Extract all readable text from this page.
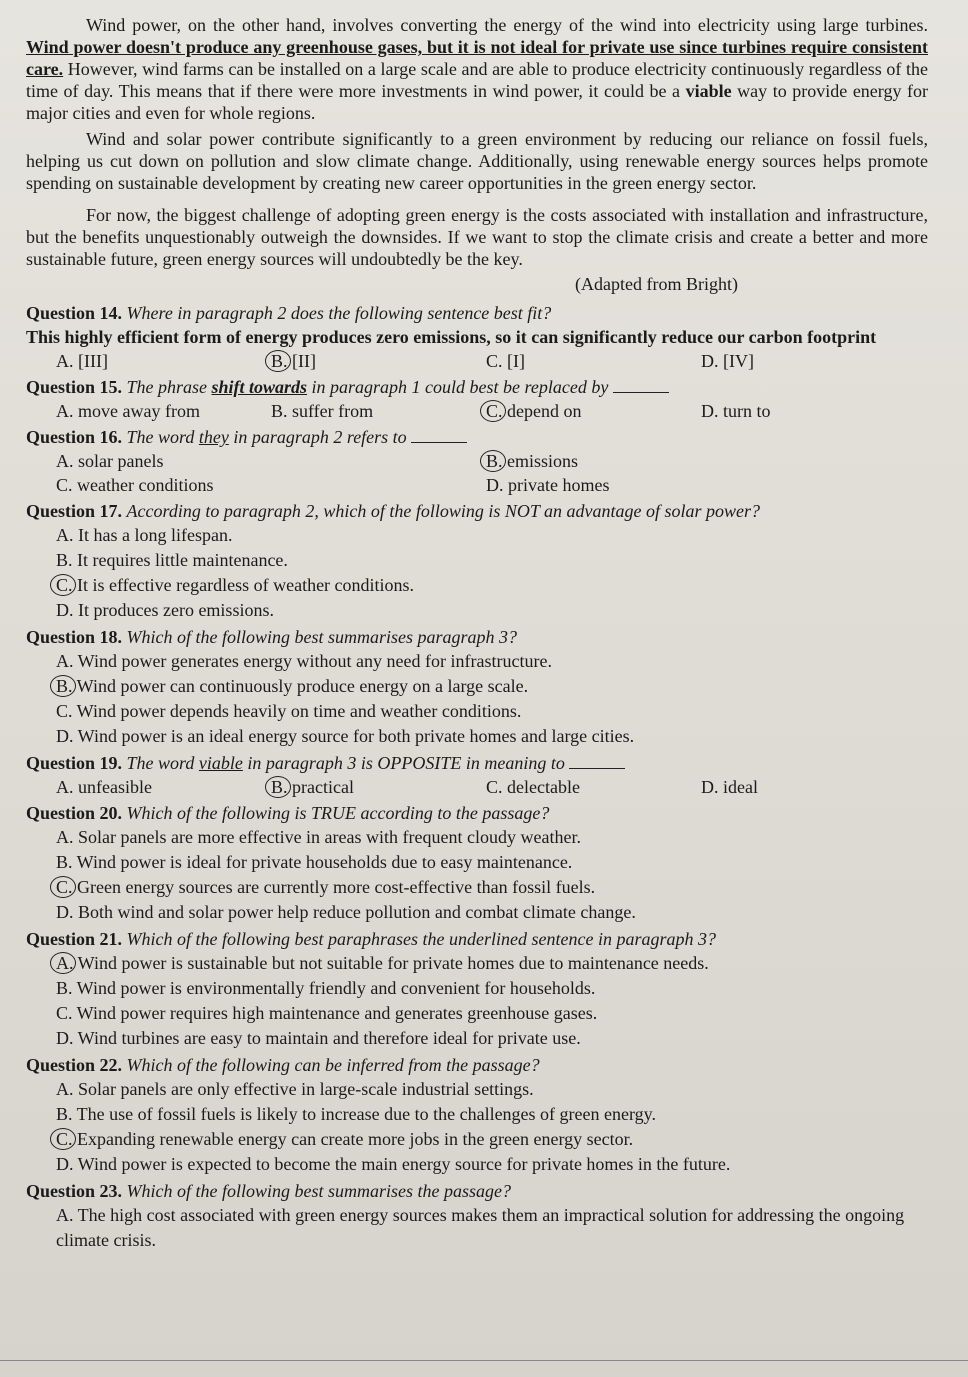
Wind power, on the other hand, involves converting the energy of the wind into electricity using large turbines. Wind power doesn't produce any greenhouse gases, but it is not ideal for private use since turbines require consistent care. However, wind farms can be installed on a large scale and are able to produce electricity continuously regardless of the time of day. This means that if there were more investments in wind power, it could be a viable way to provide energy for major cities and even for whole regions.

Wind and solar power contribute significantly to a green environment by reducing our reliance on fossil fuels, helping us cut down on pollution and slow climate change. Additionally, using renewable energy sources helps promote spending on sustainable development by creating new career opportunities in the green energy sector.

For now, the biggest challenge of adopting green energy is the costs associated with installation and infrastructure, but the benefits unquestionably outweigh the downsides. If we want to stop the climate crisis and create a better and more sustainable future, green energy sources will undoubtedly be the key.

(Adapted from Bright)
Question 14. Where in paragraph 2 does the following sentence best fit?
This highly efficient form of energy produces zero emissions, so it can significantly reduce our carbon footprint
A. [III]	B. [II]	C. [I]	D. [IV]
Question 15. The phrase shift towards in paragraph 1 could best be replaced by
A. move away from	B. suffer from	C. depend on	D. turn to
Question 16. The word they in paragraph 2 refers to
A. solar panels	B. emissions
C. weather conditions	D. private homes
Question 17. According to paragraph 2, which of the following is NOT an advantage of solar power?
A. It has a long lifespan.
B. It requires little maintenance.
C. It is effective regardless of weather conditions.
D. It produces zero emissions.
Question 18. Which of the following best summarises paragraph 3?
A. Wind power generates energy without any need for infrastructure.
B. Wind power can continuously produce energy on a large scale.
C. Wind power depends heavily on time and weather conditions.
D. Wind power is an ideal energy source for both private homes and large cities.
Question 19. The word viable in paragraph 3 is OPPOSITE in meaning to
A. unfeasible	B. practical	C. delectable	D. ideal
Question 20. Which of the following is TRUE according to the passage?
A. Solar panels are more effective in areas with frequent cloudy weather.
B. Wind power is ideal for private households due to easy maintenance.
C. Green energy sources are currently more cost-effective than fossil fuels.
D. Both wind and solar power help reduce pollution and combat climate change.
Question 21. Which of the following best paraphrases the underlined sentence in paragraph 3?
A. Wind power is sustainable but not suitable for private homes due to maintenance needs.
B. Wind power is environmentally friendly and convenient for households.
C. Wind power requires high maintenance and generates greenhouse gases.
D. Wind turbines are easy to maintain and therefore ideal for private use.
Question 22. Which of the following can be inferred from the passage?
A. Solar panels are only effective in large-scale industrial settings.
B. The use of fossil fuels is likely to increase due to the challenges of green energy.
C. Expanding renewable energy can create more jobs in the green energy sector.
D. Wind power is expected to become the main energy source for private homes in the future.
Question 23. Which of the following best summarises the passage?
A. The high cost associated with green energy sources makes them an impractical solution for addressing the ongoing climate crisis.
